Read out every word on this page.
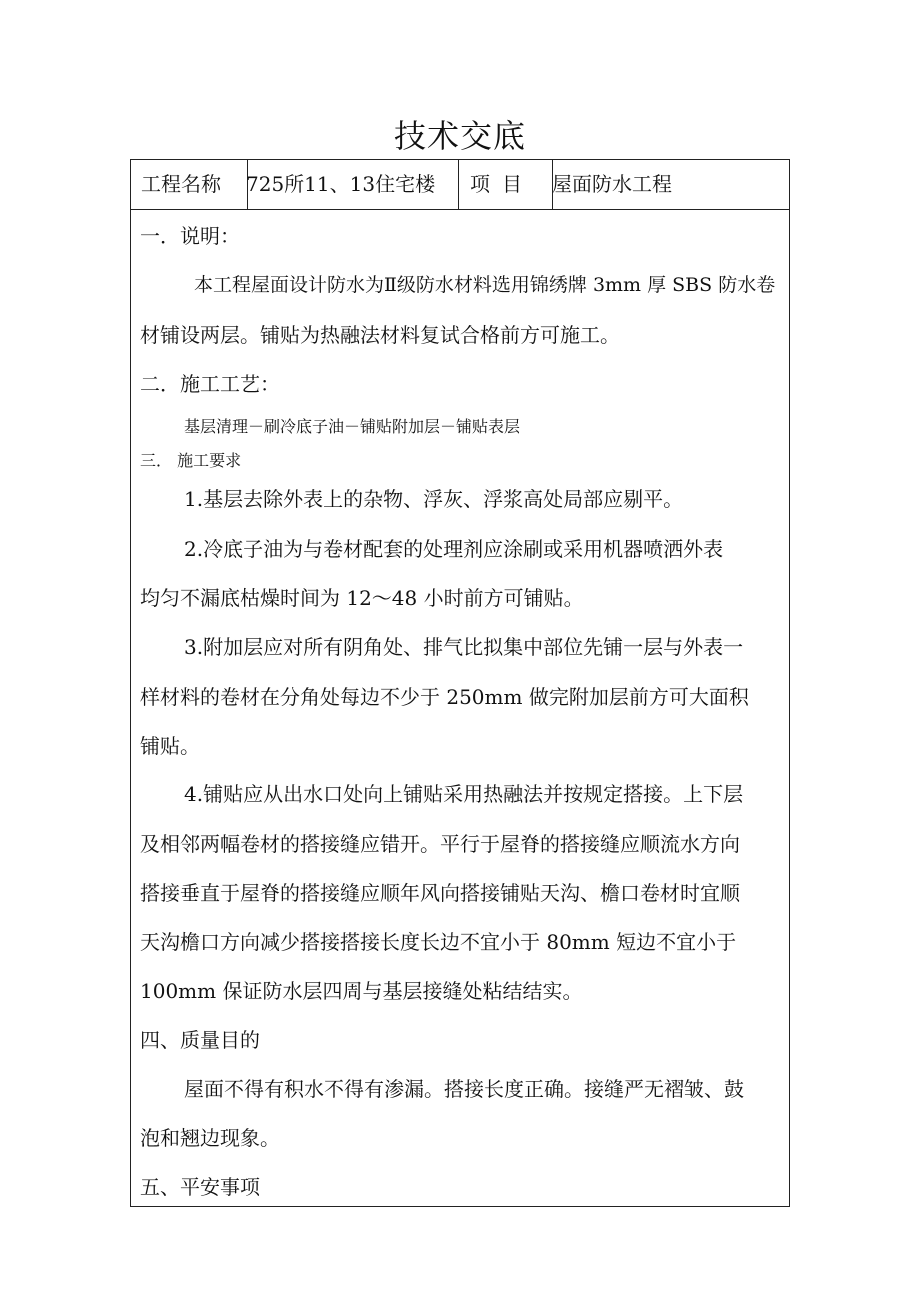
技术交底
工程名称	725所11、13住宅楼	项目 屋面防水工程
一．说明：
本工程屋面设计防水为Ⅱ级防水材料选用锦绣牌 3mm 厚 SBS 防水卷
材铺设两层。铺贴为热融法材料复试合格前方可施工。
二．施工工艺：
基层清理－刷冷底子油－铺贴附加层－铺贴表层
三． 施工要求
1.基层去除外表上的杂物、浮灰、浮浆高处局部应剔平。
2.冷底子油为与卷材配套的处理剂应涂刷或采用机器喷洒外表
均匀不漏底枯燥时间为 12～48 小时前方可铺贴。
3.附加层应对所有阴角处、排气比拟集中部位先铺一层与外表一
样材料的卷材在分角处每边不少于 250mm 做完附加层前方可大面积
铺贴。
4.铺贴应从出水口处向上铺贴采用热融法并按规定搭接。上下层
及相邻两幅卷材的搭接缝应错开。平行于屋脊的搭接缝应顺流水方向
搭接垂直于屋脊的搭接缝应顺年风向搭接铺贴天沟、檐口卷材时宜顺
天沟檐口方向减少搭接搭接长度长边不宜小于 80mm 短边不宜小于
100mm 保证防水层四周与基层接缝处粘结结实。
四、质量目的
屋面不得有积水不得有渗漏。搭接长度正确。接缝严无褶皱、鼓
泡和翘边现象。
五、平安事项
